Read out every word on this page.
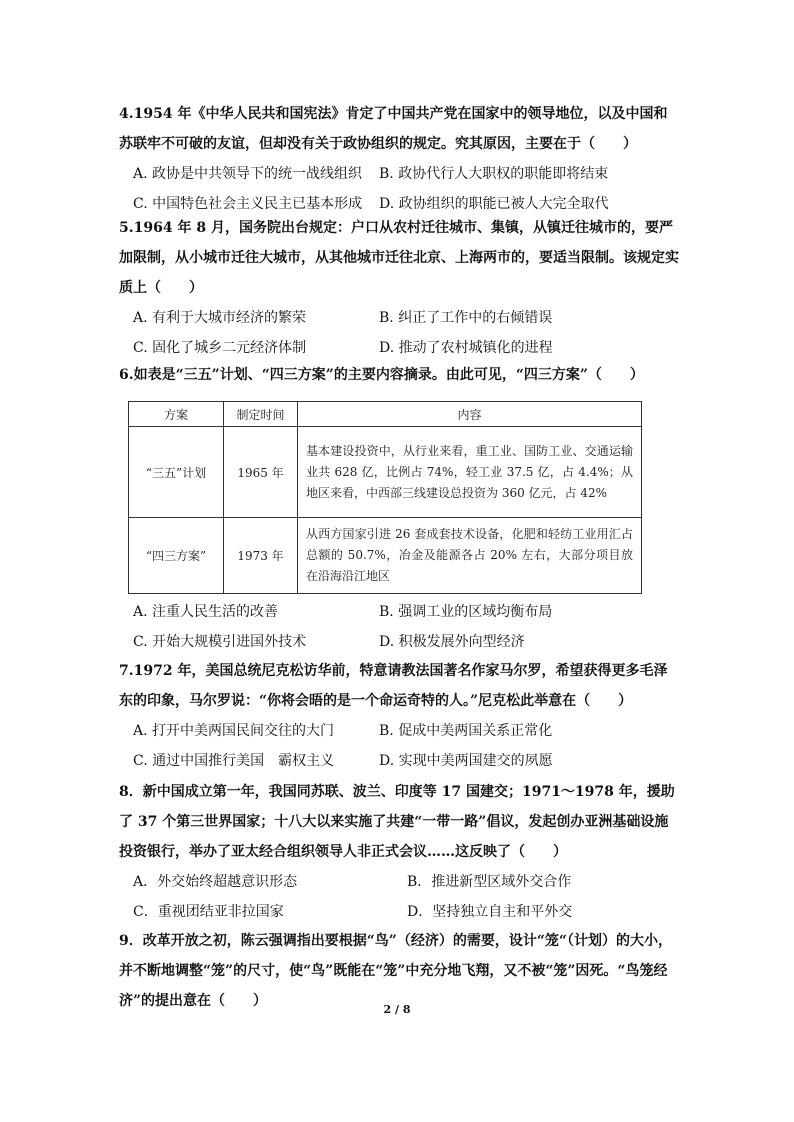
4.1954 年《中华人民共和国宪法》肯定了中国共产党在国家中的领导地位，以及中国和苏联牢不可破的友谊，但却没有关于政协组织的规定。究其原因，主要在于（　　）

A. 政协是中共领导下的统一战线组织	B. 政协代行人大职权的职能即将结束
C. 中国特色社会主义民主已基本形成	D. 政协组织的职能已被人大完全取代

5.1964 年 8 月，国务院出台规定：户口从农村迁往城市、集镇，从镇迁往城市的，要严加限制，从小城市迁往大城市，从其他城市迁往北京、上海两市的，要适当限制。该规定实质上（　　）

A. 有利于大城市经济的繁荣	B. 纠正了工作中的右倾错误
C. 固化了城乡二元经济体制	D. 推动了农村城镇化的进程

6.如表是“三五”计划、“四三方案”的主要内容摘录。由此可见，“四三方案”（　　）

方案	制定时间	内容
“三五”计划	1965 年	基本建设投资中，从行业来看，重工业、国防工业、交通运输业共 628 亿，比例占 74%，轻工业 37.5 亿，占 4.4%；从地区来看，中西部三线建设总投资为 360 亿元，占 42%
“四三方案”	1973 年	从西方国家引进 26 套成套技术设备，化肥和轻纺工业用汇占总额的 50.7%，冶金及能源各占 20% 左右，大部分项目放在沿海沿江地区
A. 注重人民生活的改善	B. 强调工业的区域均衡布局
C. 开始大规模引进国外技术	D. 积极发展外向型经济

7.1972 年，美国总统尼克松访华前，特意请教法国著名作家马尔罗，希望获得更多毛泽东的印象，马尔罗说：“你将会晤的是一个命运奇特的人。”尼克松此举意在（　　）

A. 打开中美两国民间交往的大门	B. 促成中美两国关系正常化
C. 通过中国推行美国　霸权主义	D. 实现中美两国建交的夙愿

8．新中国成立第一年，我国同苏联、波兰、印度等 17 国建交；1971～1978 年，援助了 37 个第三世界国家；十八大以来实施了共建“一带一路”倡议，发起创办亚洲基础设施投资银行，举办了亚太经合组织领导人非正式会议……这反映了（　　）

A．外交始终超越意识形态	B．推进新型区域外交合作
C．重视团结亚非拉国家	D．坚持独立自主和平外交

9．改革开放之初，陈云强调指出要根据“鸟”（经济）的需要，设计“笼“（计划）的大小，并不断地调整“笼”的尺寸，使“鸟”既能在“笼”中充分地飞翔，又不被“笼”因死。“鸟笼经济”的提出意在（　　）

2 / 8
